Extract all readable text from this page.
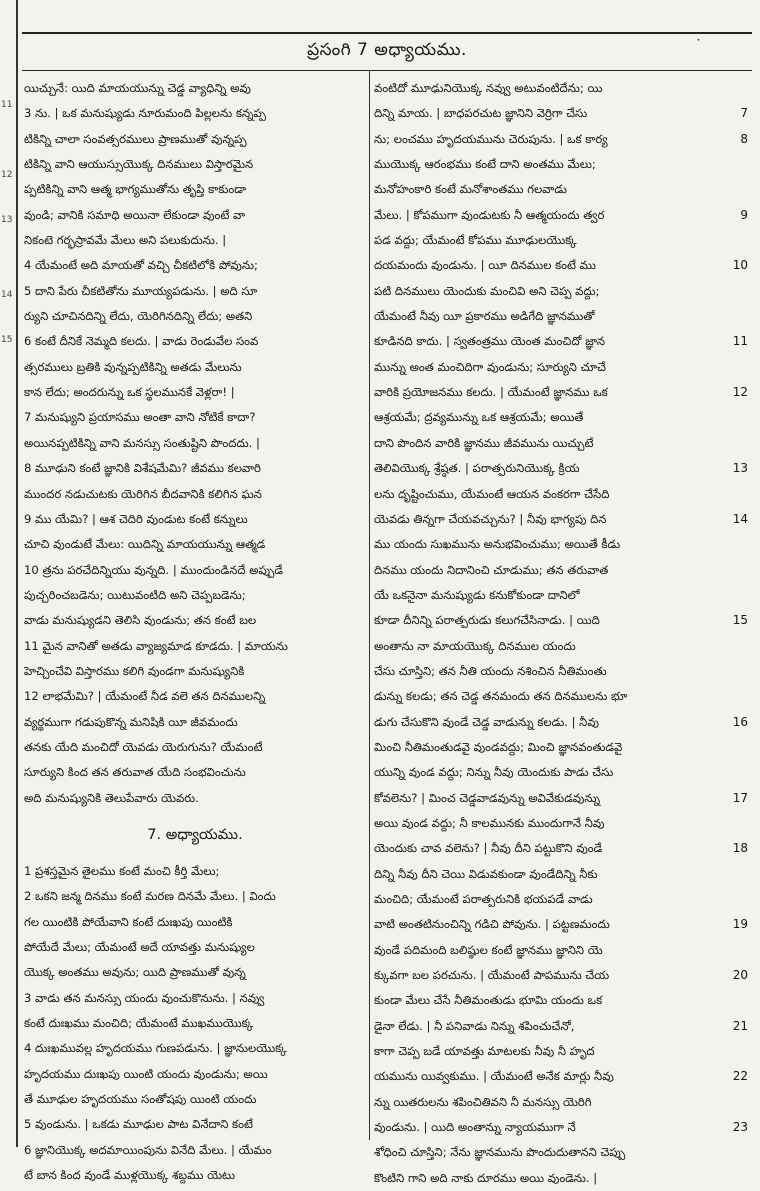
11
12
13
14
15
ప్రసంగి 7 అధ్యాయము.	˙
యిచ్చునే: యిది మాయయున్ను చెడ్డ వ్యాధిన్ని అవు
3 ను. | ఒక మనుష్యుడు నూరుమంది పిల్లలను కన్నప్ప
టికిన్ని చాలా సంవత్సరములు ప్రాణముతో వున్నప్ప
టికిన్ని వాని ఆయుస్సుయొక్క దినములు విస్తారమైన
ప్పటికిన్ని వాని ఆత్మ భాగ్యముతోను తృప్తి కాకుండా
వుండి; వానికి సమాధి అయినా లేకుండా వుంటే వా
నికంటె గర్భస్రావమే మేలు అని పలుకుదును. |
4 యేమంటే అది మాయతో వచ్చి చీకటిలోకి పోవును;
5 దాని పేరు చీకటితోను మూయ్యపడును. | అది సూ
ర్యుని చూచినదిన్ని లేదు, యెరిగినదిన్ని లేదు; అతని
6 కంటే దీనికే నెమ్మది కలదు. | వాడు రెండువేల సంవ
త్సరములు బ్రతికి వున్నప్పటికిన్ని అతడు మేలును
కాన లేదు; అందరున్ను ఒక స్థలమునకే వెళ్లరా! |
7 మనుష్యుని ప్రయాసము అంతా వాని నోటికే కాదా?
అయినప్పటికిన్ని వాని మనస్సు సంతుష్టిని పొందదు. |
8 మూఢుని కంటే జ్ఞానికి విశేషమేమి? జీవము కలవారి
ముందర నడుచుటకు యెరిగిన బీదవానికి కలిగిన ఘన
9 ము యేమి? | ఆశ చెదిరి వుండుట కంటే కన్నులు
చూచి వుండుటే మేలు: యిదిన్ని మాయయున్ను ఆత్మడ
10 త్రను పరచేదిన్నియు వున్నది. | ముందుండినదే అప్పుడే
పుచ్చరించబడెను; యిటువంటిది అని చెప్పబడెను;
వాడు మనుష్యుడని తెలిసి వుండును; తన కంటే బల
11 మైన వానితో అతడు వ్యాజ్యమాడ కూడదు. | మాయను
హెచ్చించేవి విస్తారము కలిగి వుండగా మనుష్యునికి
12 లాభమేమి? | యేమంటే నీడ వలె తన దినములన్ని
వ్యర్థముగా గడుపుకొన్న మనిషికి యీ జీవమందు
తనకు యేది మంచిదో యెవడు యెరుగును? యేమంటే
సూర్యుని కింద తన తరువాత యేది సంభవించును
అది మనుష్యునికి తెలుపేవారు యెవరు.
7. అధ్యాయము.
1 ప్రశస్తమైన తైలము కంటే మంచి కీర్తి మేలు;
2 ఒకని జన్మ దినము కంటే మరణ దినమే మేలు. | విందు
గల యింటికి పోయేవాని కంటే దుఃఖపు యింటికి
పోయేదే మేలు; యేమంటే అదే యావత్తు మనుష్యుల
యొక్క అంతము అవును; యిది ప్రాణముతో వున్న
3 వాడు తన మనస్సు యందు వుంచుకొనును. | నవ్వు
కంటే దుఃఖము మంచిది; యేమంటే ముఖముయొక్క
4 దుఃఖమువల్ల హృదయము గుణపడును. | జ్ఞానులయొక్క
హృదయము దుఃఖపు యింటి యందు వుండును; అయి
తే మూఢుల హృదయము సంతోషపు యింటి యందు
5 వుండును. | ఒకడు మూఢుల పాట వినేదాని కంటే
6 జ్ఞానియొక్క అదమాయింపును వినేది మేలు. | యేమం
టే బాన కింద వుండే ముళ్లయొక్క శబ్దము యెటు
వంటిదో మూఢునియొక్క నవ్వు అటువంటిదేను; యి
దిన్ని మాయ. | బాధపరచుట జ్ఞానిని వెర్రిగా చేసు	7
ను; లంచము హృదయమును చెరుపును. | ఒక కార్య	8
ముయొక్క ఆరంభము కంటే దాని అంతము మేలు;
మనోహంకారి కంటే మనోశాంతము గలవాడు
మేలు. | కోపముగా వుండుటకు నీ ఆత్మయందు త్వర	9
పడ వద్దు; యేమంటే కోపము మూఢులయొక్క
దయమందు వుండును. | యీ దినముల కంటే ము	10
పటి దినములు యెందుకు మంచివి అని చెప్ప వద్దు;
యేమంటే నీవు యీ ప్రకారము అడిగేది జ్ఞానముతో
కూడినది కాదు. | స్వతంత్రము యెంత మంచిదో జ్ఞాన	11
మున్ను అంత మంచిదిగా వుండును; సూర్యుని చూచే
వారికి ప్రయోజనము కలదు. | యేమంటే జ్ఞానము ఒక	12
ఆశ్రయమే; ద్రవ్యమున్ను ఒక ఆశ్రయమే; అయితే
దాని పొందిన వారికి జ్ఞానము జీవమును యిచ్చుటే
తెలివియొక్క శ్రేష్ఠత. | పరాత్పరునియొక్క క్రియ	13
లను దృష్టించుము, యేమంటే ఆయన వంకరగా చేసేది
యెవడు తిన్నగా చేయవచ్చును? | నీవు భాగ్యపు దిన	14
ము యందు సుఖమును అనుభవించుము; అయితే కీడు
దినము యందు నిదానించి చూడుము; తన తరువాత
యే ఒకనైనా మనుష్యుడు కనుకోకుండా దానిలో
కూడా దీనిన్ని పరాత్పరుడు కలుగచేసినాడు. | యిది	15
అంతాను నా మాయయొక్క దినముల యందు
చేసు చూస్తిని; తన నీతి యందు నశించిన నీతిమంతు
డున్ను కలడు; తన చెడ్డ తనమందు తన దినములను భూ
డుగు చేసుకొని వుండే చెడ్డ వాడున్ను కలడు. | నీవు	16
మించి నీతిమంతుడవై వుండవద్దు; మించి జ్ఞానవంతుడవై
యున్ని వుండ వద్దు; నిన్ను నీవు యెందుకు పాడు చేసు
కోవలెను? | మించ చెడ్డవాడవున్ను అవివేకుడవున్ను	17
అయి వుండ వద్దు; నీ కాలమునకు ముందుగానే నీవు
యెందుకు చావ వలెను? | నీవు దీని పట్టుకొని వుండే	18
దిన్ని నీవు దీని చెయి విడువకుండా వుండేదిన్ని నీకు
మంచిది; యేమంటే పరాత్పరునికి భయపడే వాడు
వాటి అంతటినుంచిన్ని గడిచి పోవును. | పట్టణమందు	19
వుండే పదిమంది బలిష్ఠుల కంటే జ్ఞానము జ్ఞానిని యె
క్కువగా బల పరచును. | యేమంటే పాపమును చేయ	20
కుండా మేలు చేసే నీతిమంతుడు భూమి యందు ఒక
డైనా లేడు. | నీ పనివాడు నిన్ను శపించుచేనో,	21
కాగా చెప్ప బడే యావత్తు మాటలకు నీవు నీ హృద
యమును యివ్వకుము. | యేమంటే అనేక మార్లు నీవు	22
న్ను యితరులను శపించితివని నీ మనస్సు యెరిగి
వుండును. | యిది అంతాన్ను న్యాయముగా నే	23
శోధించి చూస్తిని; నేను జ్ఞానమును పొందుదుతానని చెప్పు
కొంటిని గాని అది నాకు దూరము అయి వుండెను. |
